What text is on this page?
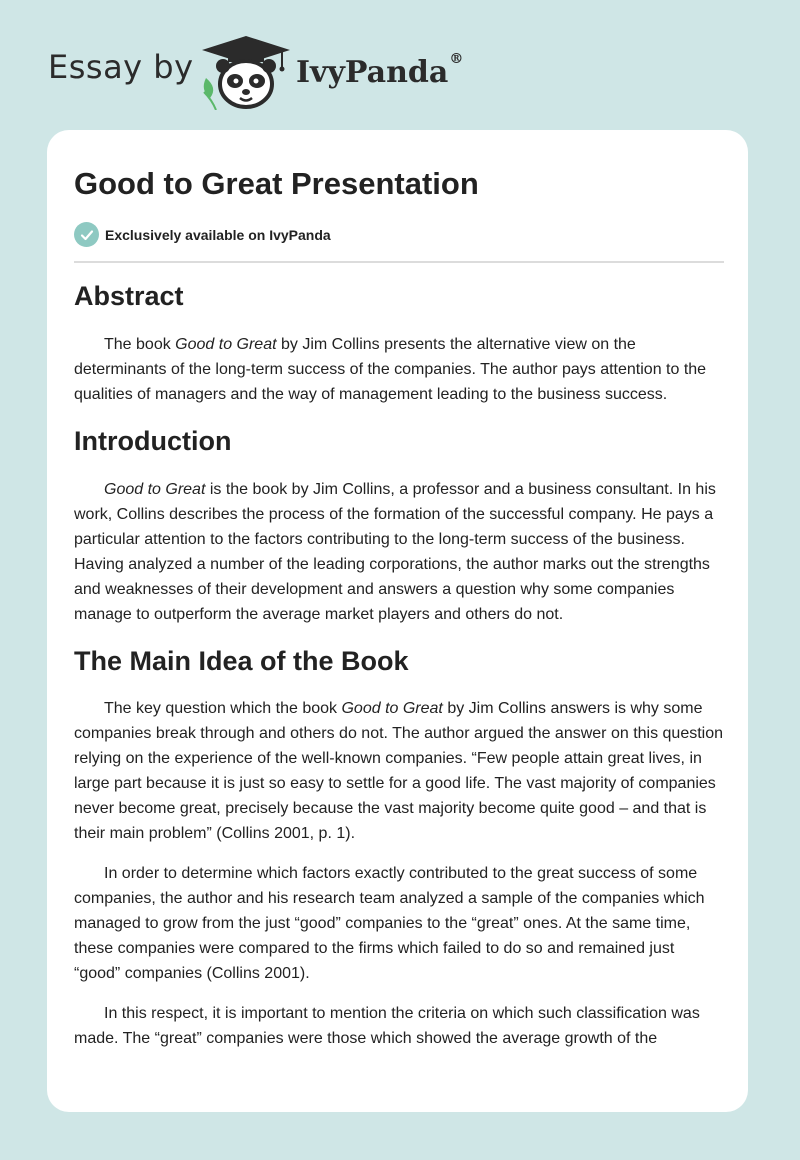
Essay by	IvyPanda®
Good to Great Presentation
Exclusively available on IvyPanda
Abstract

The book Good to Great by Jim Collins presents the alternative view on the determinants of the long-term success of the companies. The author pays attention to the qualities of managers and the way of management leading to the business success.

Introduction

Good to Great is the book by Jim Collins, a professor and a business consultant. In his work, Collins describes the process of the formation of the successful company. He pays a particular attention to the factors contributing to the long-term success of the business. Having analyzed a number of the leading corporations, the author marks out the strengths and weaknesses of their development and answers a question why some companies manage to outperform the average market players and others do not.

The Main Idea of the Book

The key question which the book Good to Great by Jim Collins answers is why some companies break through and others do not. The author argued the answer on this question relying on the experience of the well-known companies. “Few people attain great lives, in large part because it is just so easy to settle for a good life. The vast majority of companies never become great, precisely because the vast majority become quite good – and that is their main problem” (Collins 2001, p. 1).

In order to determine which factors exactly contributed to the great success of some companies, the author and his research team analyzed a sample of the companies which managed to grow from the just “good” companies to the “great” ones. At the same time, these companies were compared to the firms which failed to do so and remained just “good” companies (Collins 2001).

In this respect, it is important to mention the criteria on which such classification was made. The “great” companies were those which showed the average growth of the
